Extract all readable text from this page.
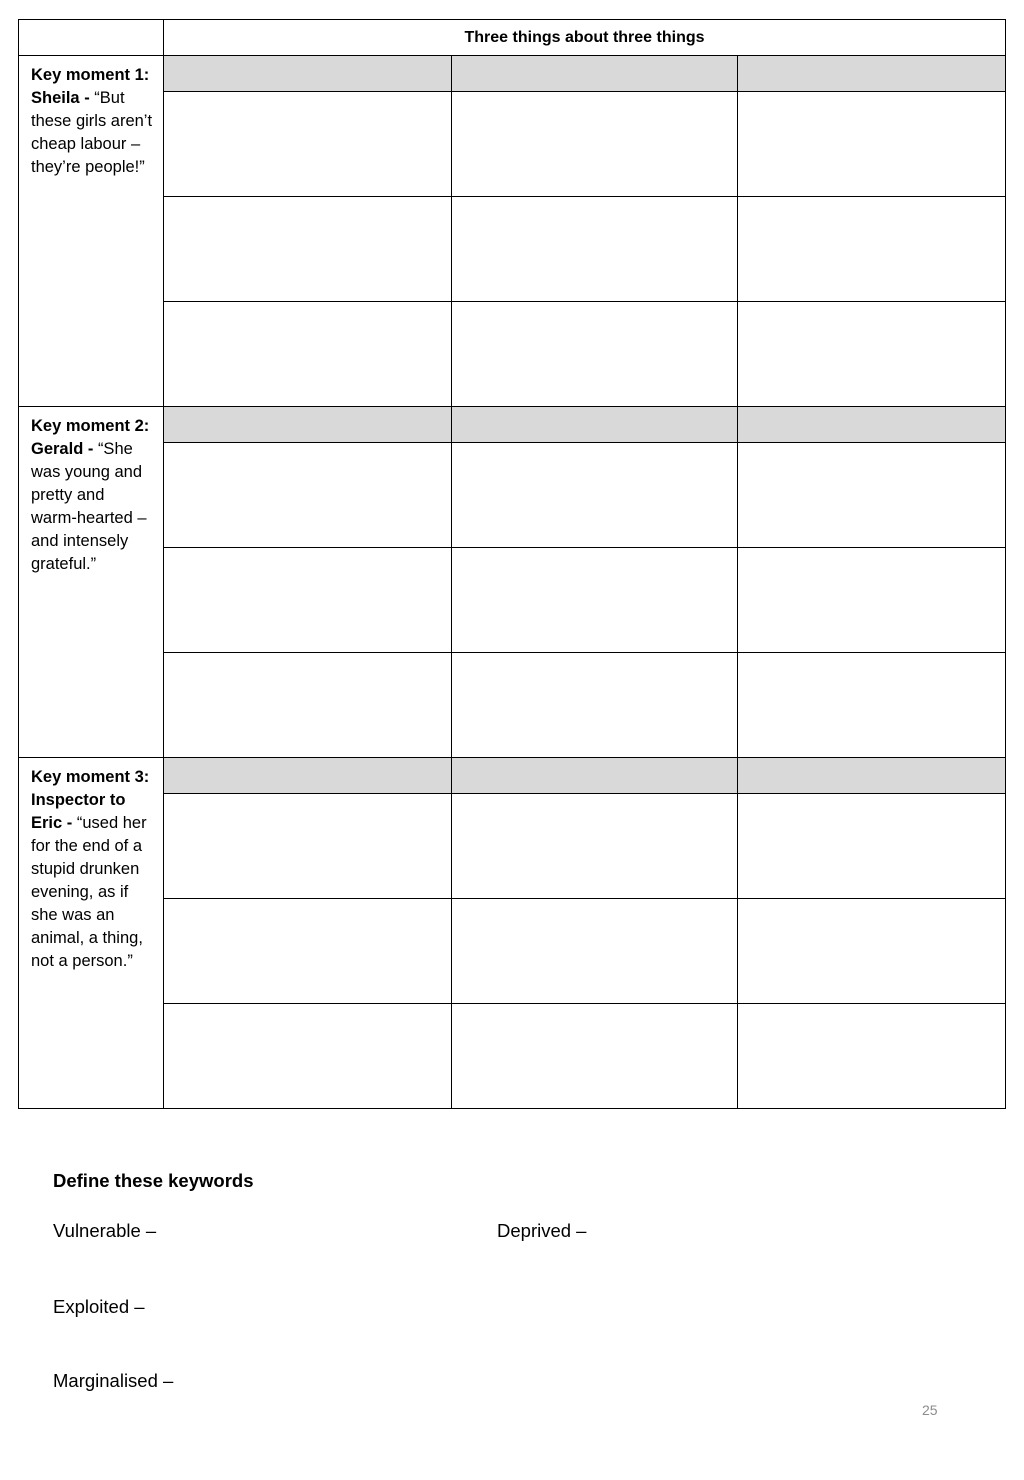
	Three things about three things		
Key moment 1: Sheila - “But these girls aren’t cheap labour – they’re people!”			

Key moment 2: Gerald - “She was young and pretty and warm-hearted – and intensely grateful.”			

Key moment 3: Inspector to Eric - “used her for the end of a stupid drunken evening, as if she was an animal, a thing, not a person.”			

Define these keywords
Vulnerable –	Deprived –
Exploited –
Marginalised –
25
